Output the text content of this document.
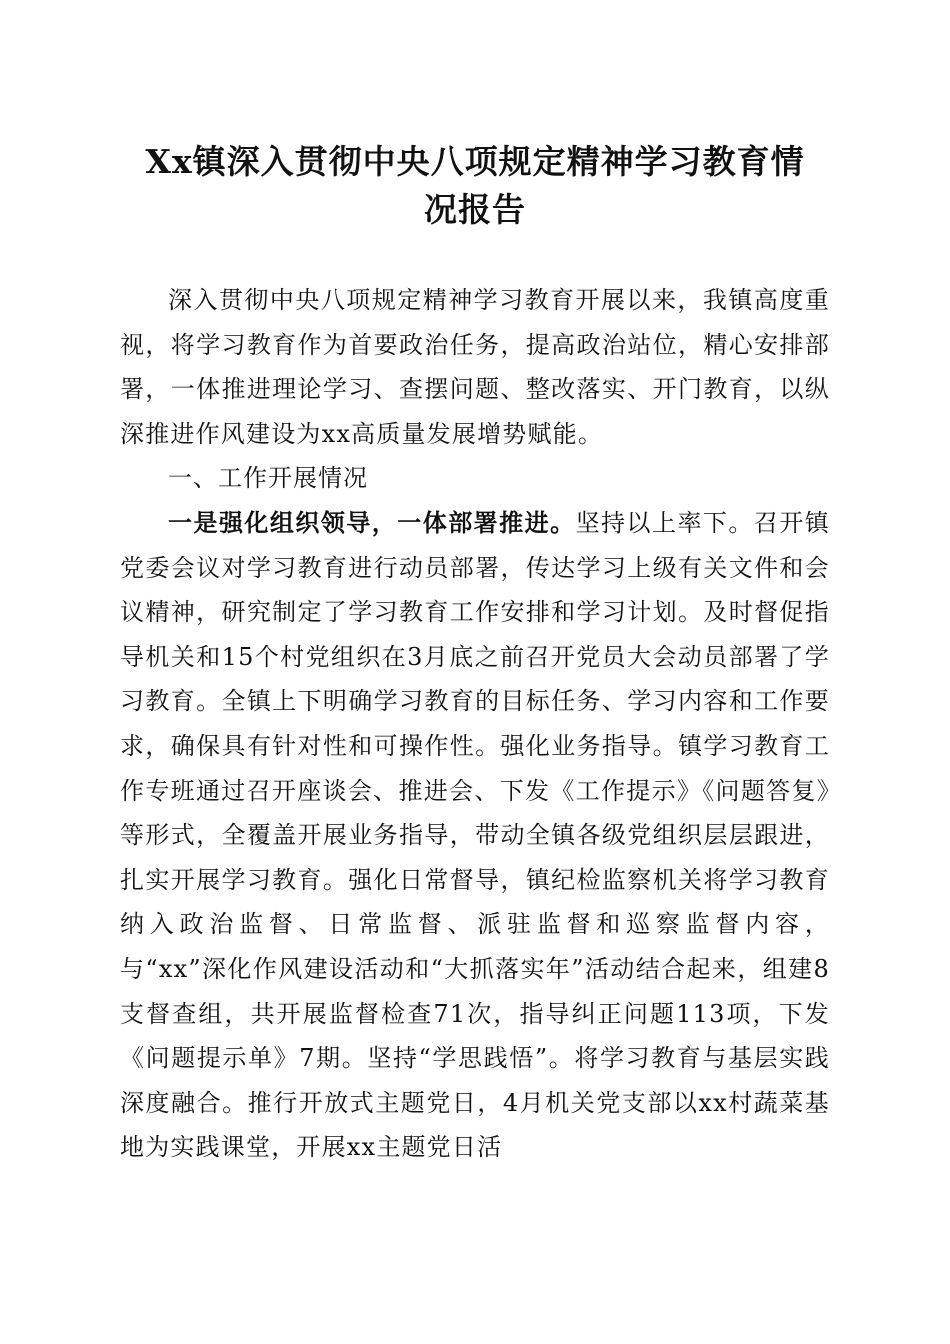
Xx镇深入贯彻中央八项规定精神学习教育情
况报告

深入贯彻中央八项规定精神学习教育开展以来，我镇高度重视，将学习教育作为首要政治任务，提高政治站位，精心安排部署，一体推进理论学习、查摆问题、整改落实、开门教育，以纵深推进作风建设为xx高质量发展增势赋能。

一、工作开展情况

一是强化组织领导，一体部署推进。坚持以上率下。召开镇党委会议对学习教育进行动员部署，传达学习上级有关文件和会议精神，研究制定了学习教育工作安排和学习计划。及时督促指导机关和15个村党组织在3月底之前召开党员大会动员部署了学习教育。全镇上下明确学习教育的目标任务、学习内容和工作要求，确保具有针对性和可操作性。强化业务指导。镇学习教育工作专班通过召开座谈会、推进会、下发《工作提示》《问题答复》等形式，全覆盖开展业务指导，带动全镇各级党组织层层跟进，扎实开展学习教育。强化日常督导，镇纪检监察机关将学习教育纳入政治监督、日常监督、派驻监督和巡察监督内容，与“xx”深化作风建设活动和“大抓落实年”活动结合起来，组建8支督查组，共开展监督检查71次，指导纠正问题113项，下发《问题提示单》7期。坚持“学思践悟”。将学习教育与基层实践深度融合。推行开放式主题党日，4月机关党支部以xx村蔬菜基地为实践课堂，开展xx主题党日活
